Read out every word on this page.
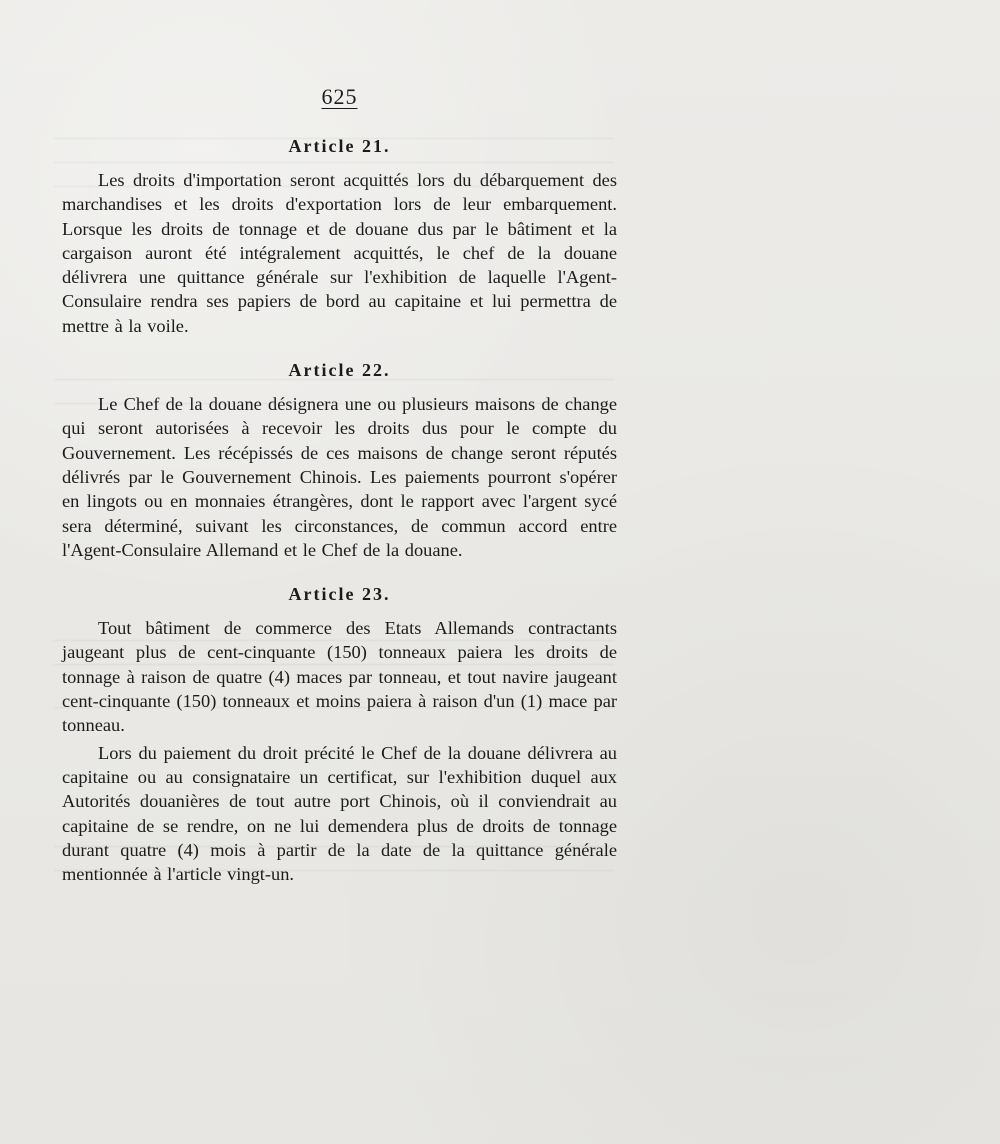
625
Article 21.

Les droits d'importation seront acquittés lors du débarquement des marchandises et les droits d'exportation lors de leur embarquement. Lorsque les droits de tonnage et de douane dus par le bâtiment et la cargaison auront été intégralement acquittés, le chef de la douane délivrera une quittance générale sur l'exhibition de laquelle l'Agent-Consulaire rendra ses papiers de bord au capitaine et lui permettra de mettre à la voile.

Article 22.

Le Chef de la douane désignera une ou plusieurs maisons de change qui seront autorisées à recevoir les droits dus pour le compte du Gouvernement. Les récépissés de ces maisons de change seront réputés délivrés par le Gouvernement Chinois. Les paiements pourront s'opérer en lingots ou en monnaies étrangères, dont le rapport avec l'argent sycé sera déterminé, suivant les circonstances, de commun accord entre l'Agent-Consulaire Allemand et le Chef de la douane.

Article 23.

Tout bâtiment de commerce des Etats Allemands contractants jaugeant plus de cent-cinquante (150) tonneaux paiera les droits de tonnage à raison de quatre (4) maces par tonneau, et tout navire jaugeant cent-cinquante (150) tonneaux et moins paiera à raison d'un (1) mace par tonneau.

Lors du paiement du droit précité le Chef de la douane délivrera au capitaine ou au consignataire un certificat, sur l'exhibition duquel aux Autorités douanières de tout autre port Chinois, où il conviendrait au capitaine de se rendre, on ne lui demendera plus de droits de tonnage durant quatre (4) mois à partir de la date de la quittance générale mentionnée à l'article vingt-un.
